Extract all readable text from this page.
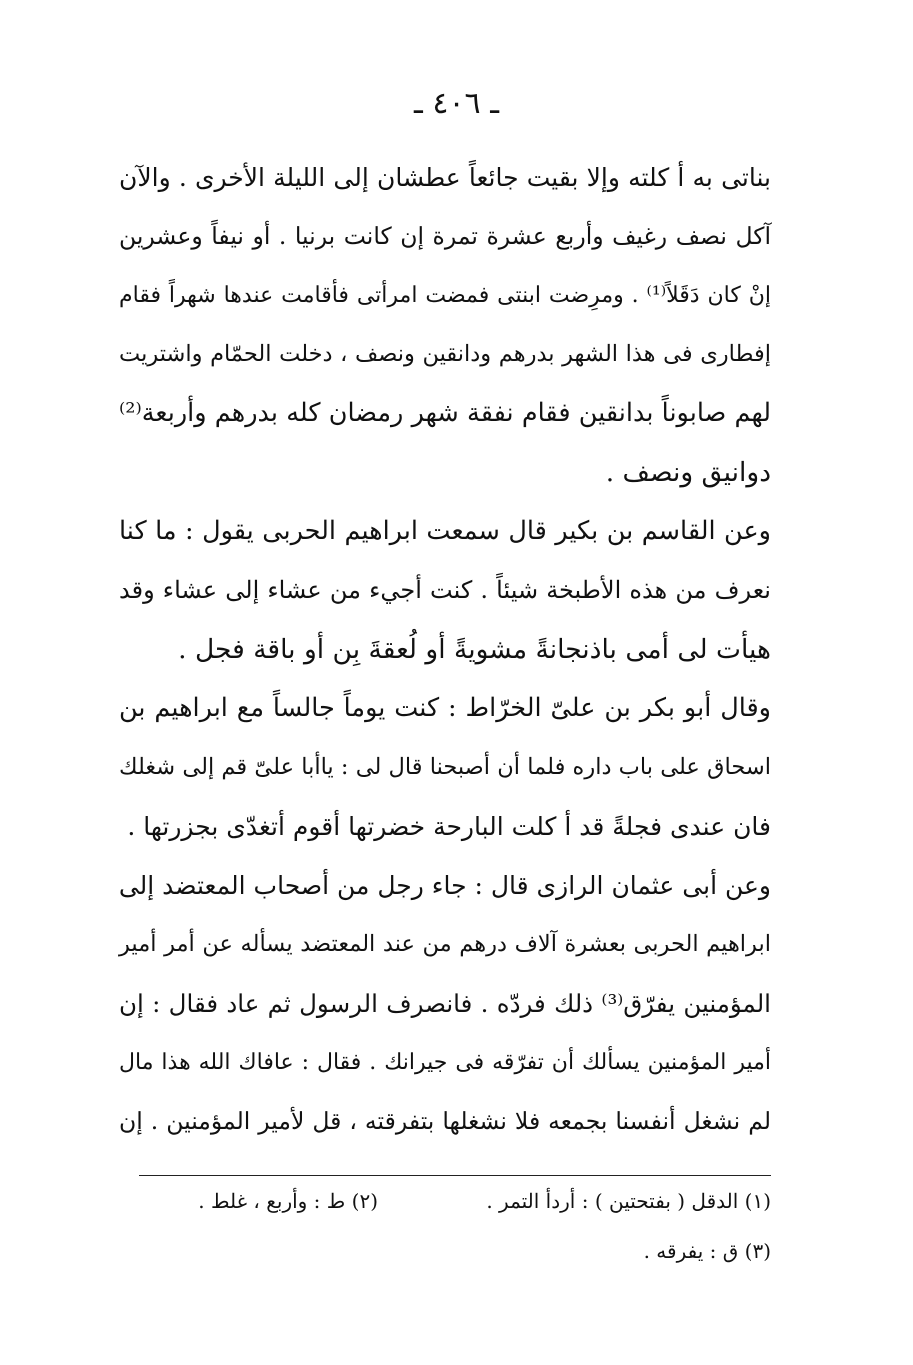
ـ ٤٠٦ ـ
بناتى به أ كلته وإلا بقيت جائعاً عطشان إلى الليلة الأخرى . والآن
آكل نصف رغيف وأربع عشرة تمرة إن كانت برنيا . أو نيفاً وعشرين
إنْ كان دَقَلاً⁽¹⁾ . ومرِضت ابنتى فمضت امرأتى فأقامت عندها شهراً فقام
إفطارى فى هذا الشهر بدرهم ودانقين ونصف ، دخلت الحمّام واشتريت
لهم صابوناً بدانقين فقام نفقة شهر رمضان كله بدرهم وأربعة⁽²⁾
دوانيق ونصف .
وعن القاسم بن بكير قال سمعت ابراهيم الحربى يقول : ما كنا
نعرف من هذه الأطبخة شيئاً . كنت أجيء من عشاء إلى عشاء وقد
هيأت لى أمى باذنجانةً مشويةً أو لُعقةَ بِن أو باقة فجل .
وقال أبو بكر بن علىّ الخرّاط : كنت يوماً جالساً مع ابراهيم بن
اسحاق على باب داره فلما أن أصبحنا قال لى : ياأبا علىّ قم إلى شغلك
فان عندى فجلةً قد أ كلت البارحة خضرتها أقوم أتغدّى بجزرتها .
وعن أبى عثمان الرازى قال : جاء رجل من أصحاب المعتضد إلى
ابراهيم الحربى بعشرة آلاف درهم من عند المعتضد يسأله عن أمر أمير
المؤمنين يفرّق⁽³⁾ ذلك فردّه . فانصرف الرسول ثم عاد فقال : إن
أمير المؤمنين يسألك أن تفرّقه فى جيرانك . فقال : عافاك الله هذا مال
لم نشغل أنفسنا بجمعه فلا نشغلها بتفرقته ، قل لأمير المؤمنين . إن
(١) الدقل ( بفتحتين ) : أردأ التمر .
(٢) ط : وأربع ، غلط .
(٣) ق : يفرقه .
